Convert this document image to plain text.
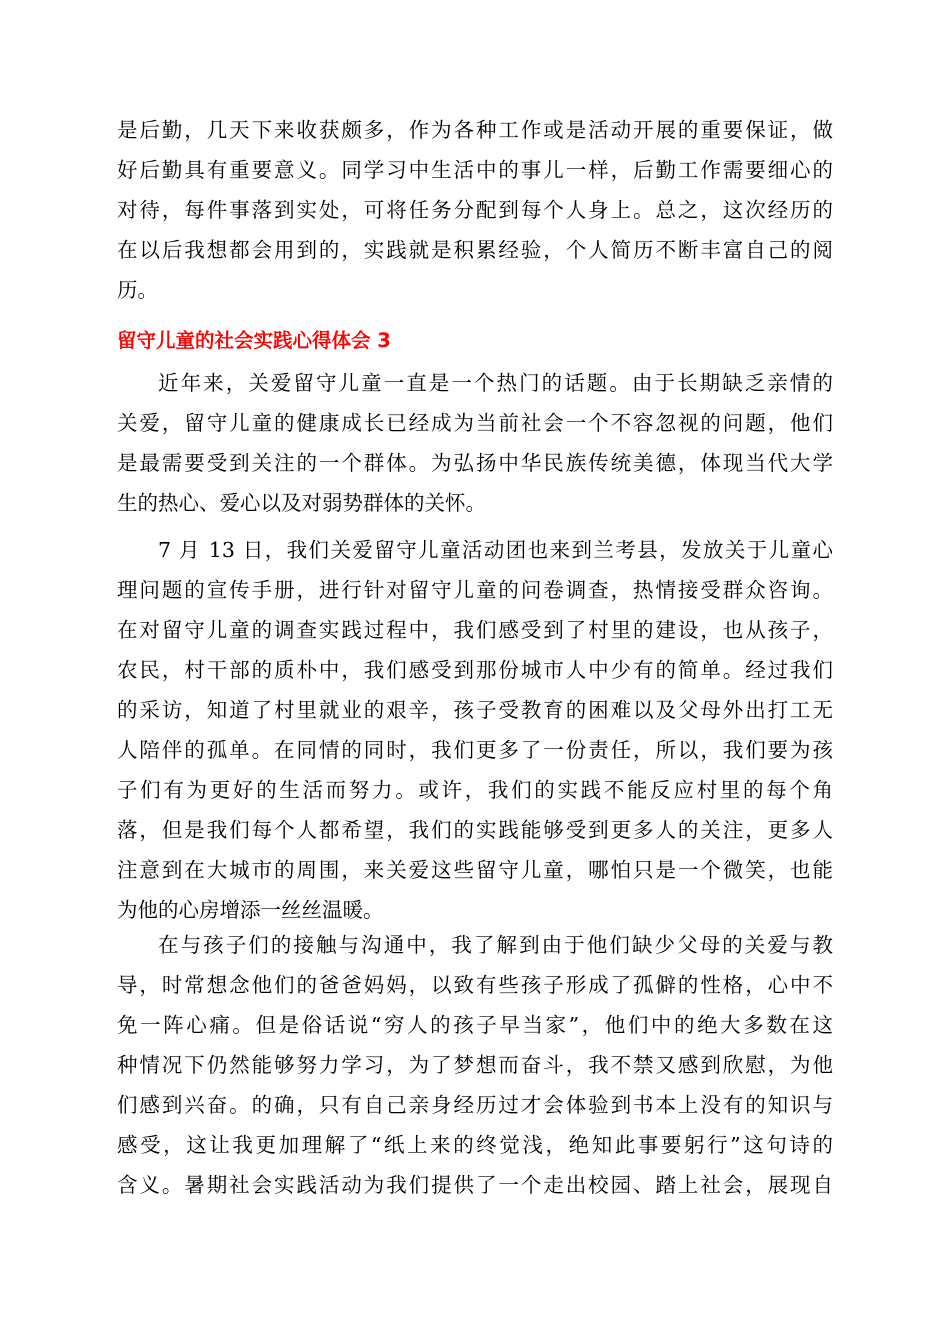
是后勤，几天下来收获颇多，作为各种工作或是活动开展的重要保证，做
好后勤具有重要意义。同学习中生活中的事儿一样，后勤工作需要细心的
对待，每件事落到实处，可将任务分配到每个人身上。总之，这次经历的
在以后我想都会用到的，实践就是积累经验，个人简历不断丰富自己的阅
历。
留守儿童的社会实践心得体会 3
近年来，关爱留守儿童一直是一个热门的话题。由于长期缺乏亲情的
关爱，留守儿童的健康成长已经成为当前社会一个不容忽视的问题，他们
是最需要受到关注的一个群体。为弘扬中华民族传统美德，体现当代大学
生的热心、爱心以及对弱势群体的关怀。
7 月 13 日，我们关爱留守儿童活动团也来到兰考县，发放关于儿童心
理问题的宣传手册，进行针对留守儿童的问卷调查，热情接受群众咨询。
在对留守儿童的调查实践过程中，我们感受到了村里的建设，也从孩子，
农民，村干部的质朴中，我们感受到那份城市人中少有的简单。经过我们
的采访，知道了村里就业的艰辛，孩子受教育的困难以及父母外出打工无
人陪伴的孤单。在同情的同时，我们更多了一份责任，所以，我们要为孩
子们有为更好的生活而努力。或许，我们的实践不能反应村里的每个角
落，但是我们每个人都希望，我们的实践能够受到更多人的关注，更多人
注意到在大城市的周围，来关爱这些留守儿童，哪怕只是一个微笑，也能
为他的心房增添一丝丝温暖。
在与孩子们的接触与沟通中，我了解到由于他们缺少父母的关爱与教
导，时常想念他们的爸爸妈妈，以致有些孩子形成了孤僻的性格，心中不
免一阵心痛。但是俗话说“穷人的孩子早当家”，他们中的绝大多数在这
种情况下仍然能够努力学习，为了梦想而奋斗，我不禁又感到欣慰，为他
们感到兴奋。的确，只有自己亲身经历过才会体验到书本上没有的知识与
感受，这让我更加理解了“纸上来的终觉浅，绝知此事要躬行”这句诗的
含义。暑期社会实践活动为我们提供了一个走出校园、踏上社会，展现自
